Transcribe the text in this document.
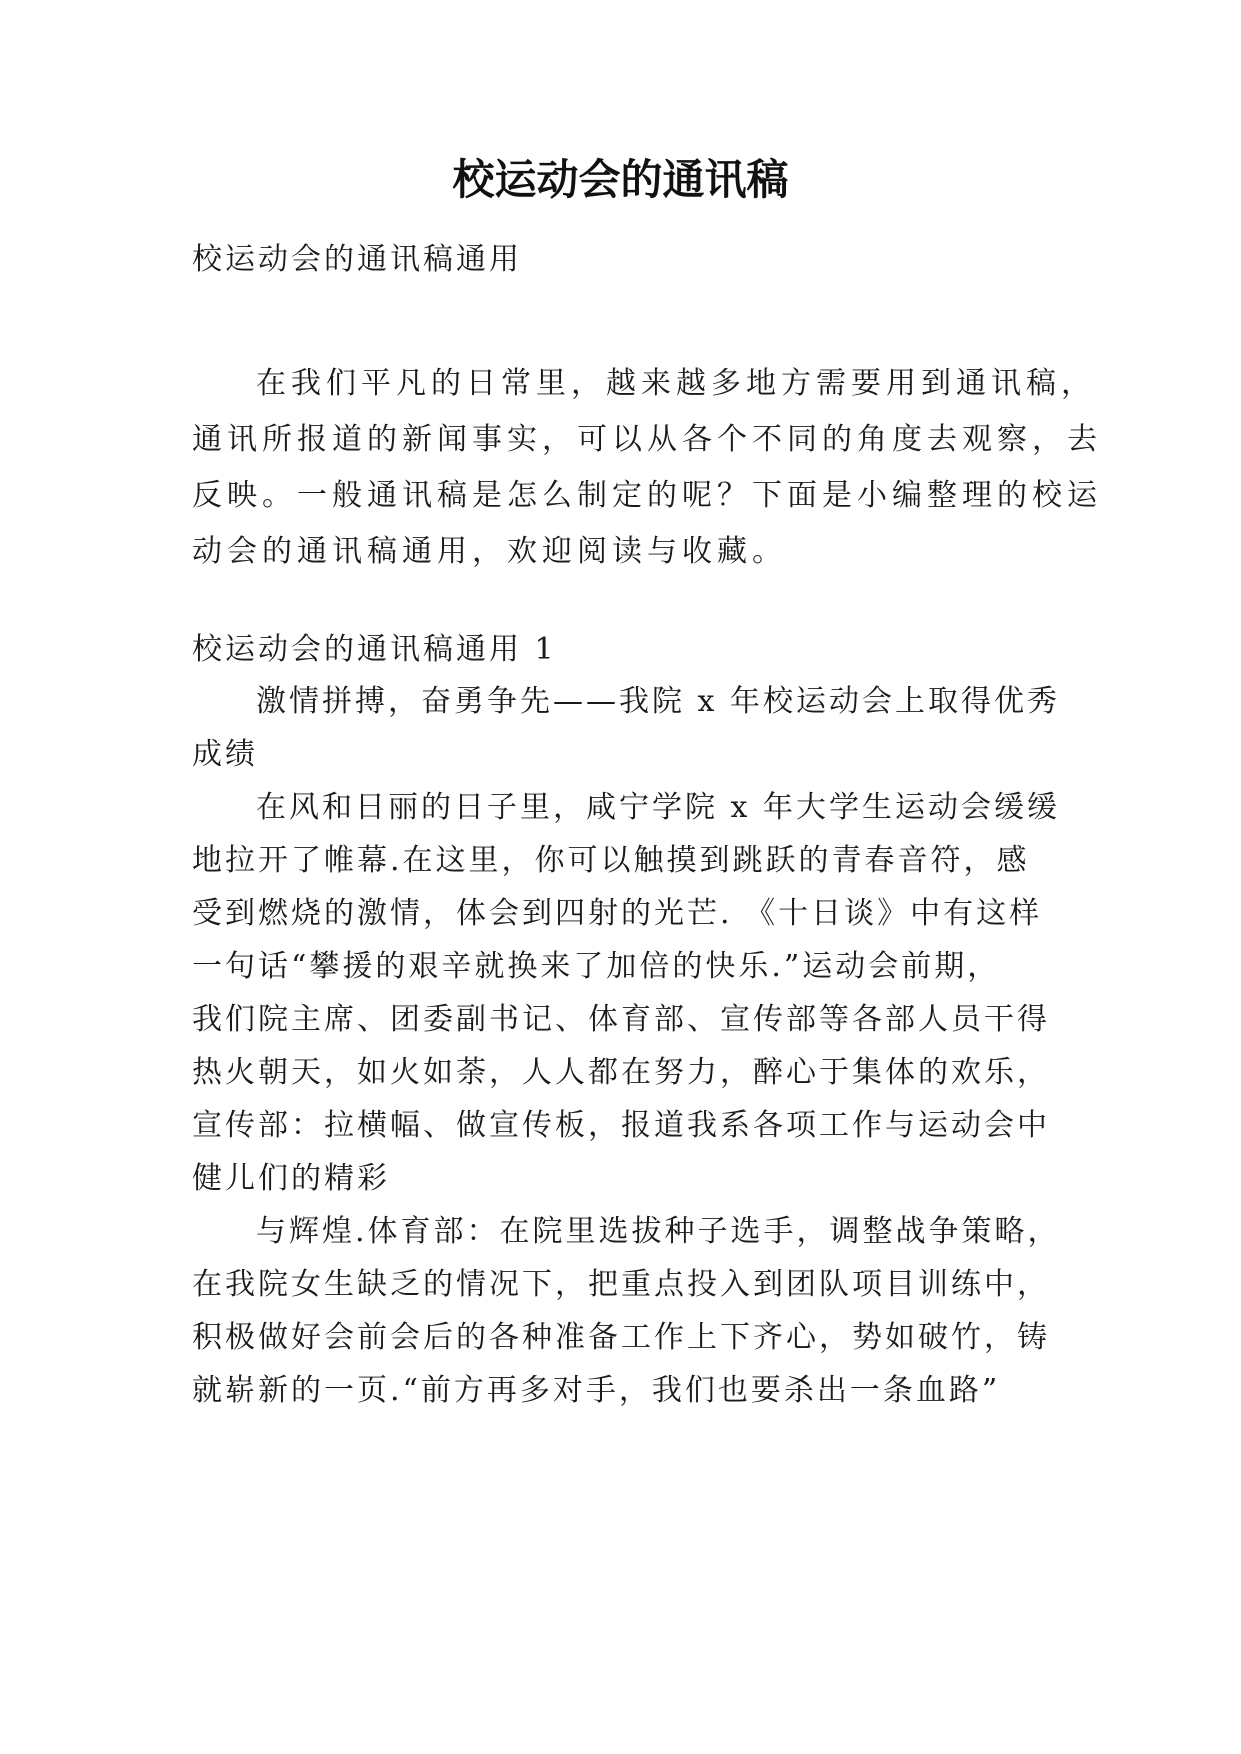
校运动会的通讯稿

校运动会的通讯稿通用

在我们平凡的日常里，越来越多地方需要用到通讯稿，

通讯所报道的新闻事实，可以从各个不同的角度去观察，去

反映。一般通讯稿是怎么制定的呢？下面是小编整理的校运

动会的通讯稿通用，欢迎阅读与收藏。

校运动会的通讯稿通用 1

激情拼搏，奋勇争先——我院 x 年校运动会上取得优秀

成绩

在风和日丽的日子里，咸宁学院 x 年大学生运动会缓缓

地拉开了帷幕.在这里，你可以触摸到跳跃的青春音符，感

受到燃烧的激情，体会到四射的光芒. 《十日谈》中有这样

一句话“攀援的艰辛就换来了加倍的快乐.”运动会前期，

我们院主席、团委副书记、体育部、宣传部等各部人员干得

热火朝天，如火如荼，人人都在努力，醉心于集体的欢乐，

宣传部：拉横幅、做宣传板，报道我系各项工作与运动会中

健儿们的精彩

与辉煌.体育部：在院里选拔种子选手，调整战争策略，

在我院女生缺乏的情况下，把重点投入到团队项目训练中，

积极做好会前会后的各种准备工作上下齐心，势如破竹，铸

就崭新的一页.“前方再多对手，我们也要杀出一条血路”
